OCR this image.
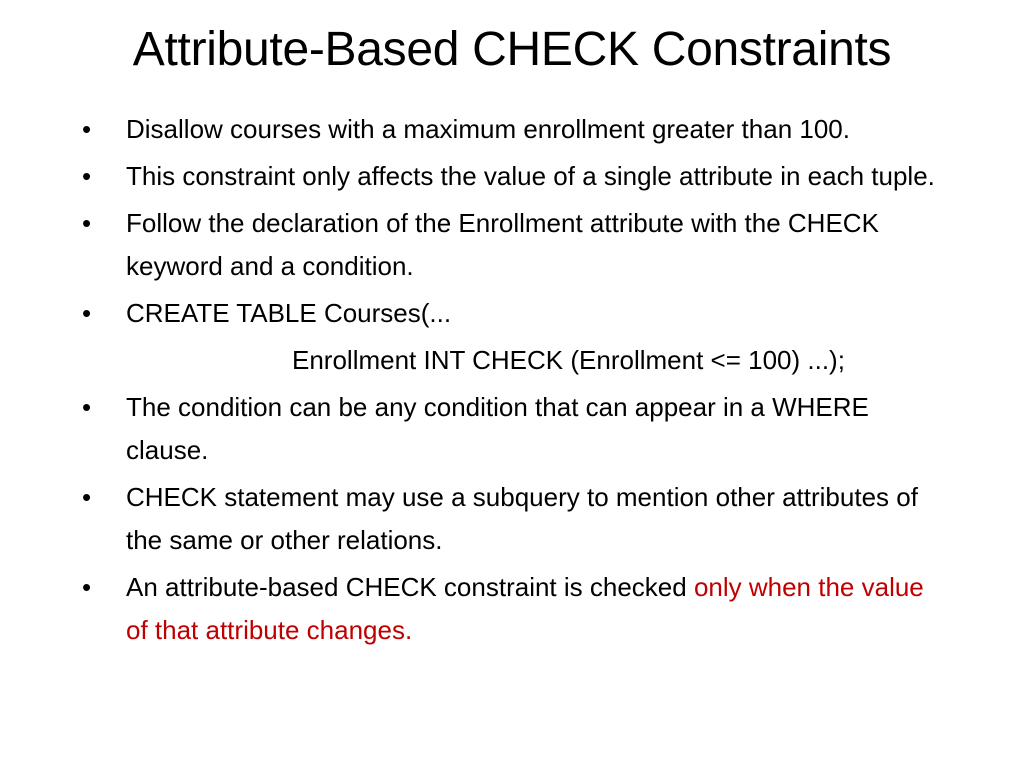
Attribute-Based CHECK Constraints
• Disallow courses with a maximum enrollment greater than 100.
• This constraint only affects the value of a single attribute in each tuple.
• Follow the declaration of the Enrollment attribute with the CHECK keyword and a condition.
• CREATE TABLE Courses(...
Enrollment INT CHECK (Enrollment <= 100) ...);
• The condition can be any condition that can appear in a WHERE clause.
• CHECK statement may use a subquery to mention other attributes of the same or other relations.
• An attribute-based CHECK constraint is checked only when the value of that attribute changes.
